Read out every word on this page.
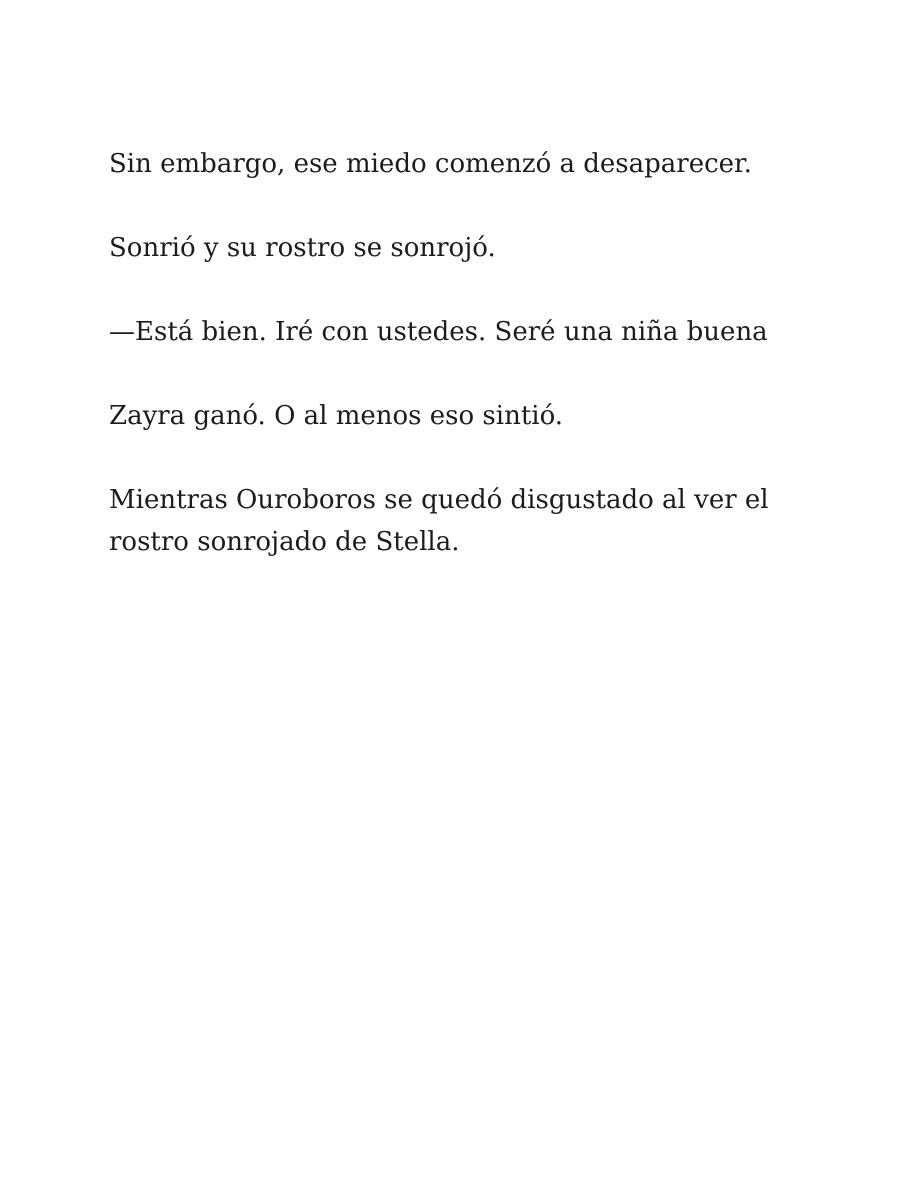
Sin embargo, ese miedo comenzó a desaparecer.

Sonrió y su rostro se sonrojó.

—Está bien. Iré con ustedes. Seré una niña buena

Zayra ganó. O al menos eso sintió.

Mientras Ouroboros se quedó disgustado al ver el rostro sonrojado de Stella.
